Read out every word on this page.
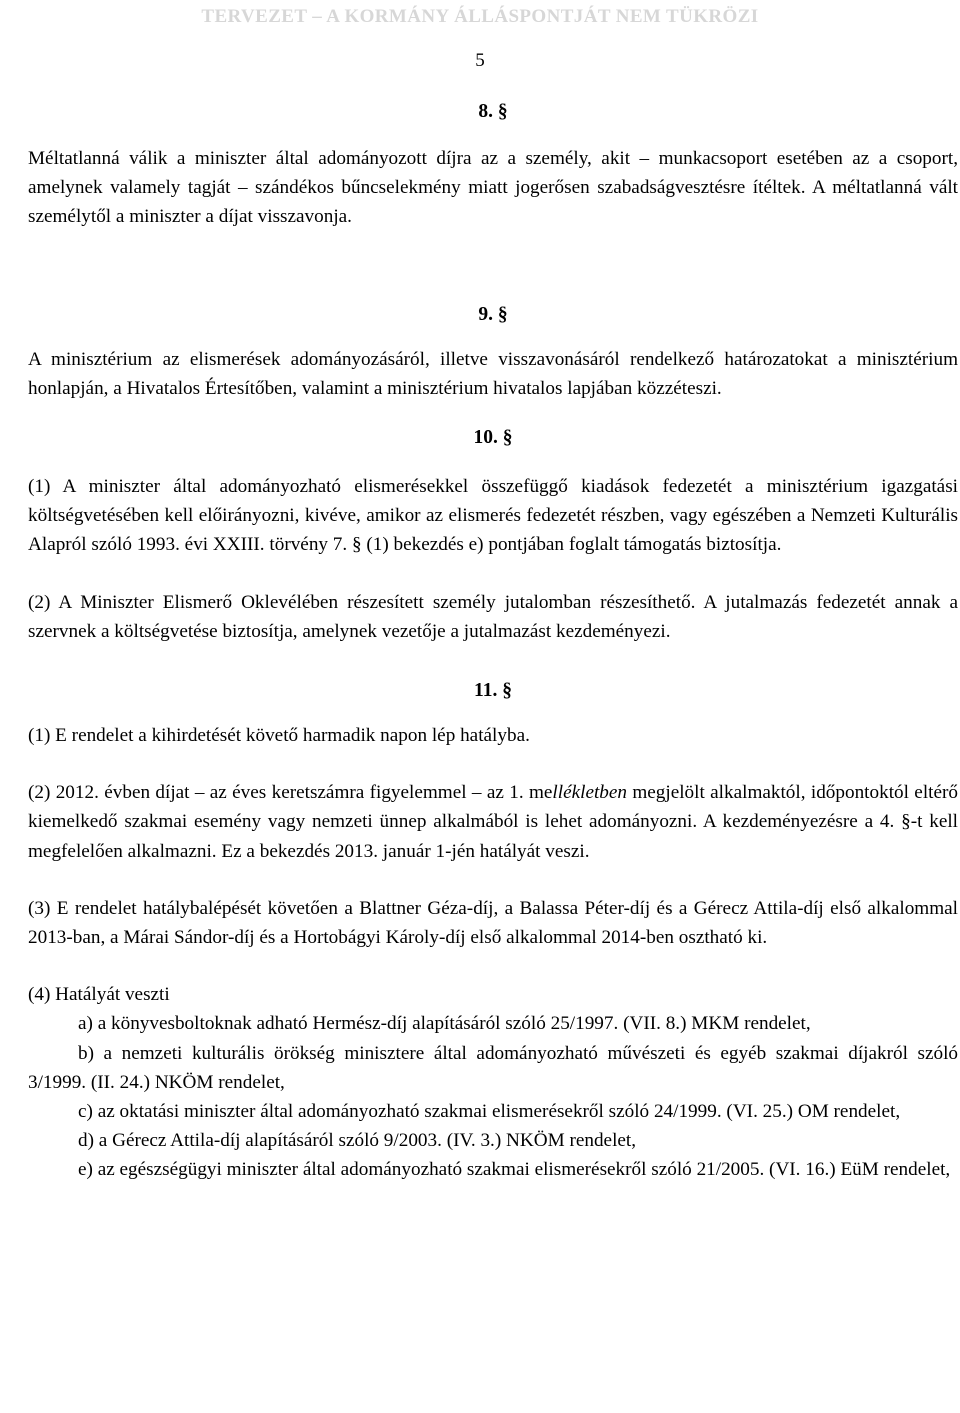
TERVEZET – A KORMÁNY ÁLLÁSPONTJÁT NEM TÜKRÖZI
5
8. §

Méltatlanná válik a miniszter által adományozott díjra az a személy, akit – munkacsoport esetében az a csoport, amelynek valamely tagját – szándékos bűncselekmény miatt jogerősen szabadságvesztésre ítéltek. A méltatlanná vált személytől a miniszter a díjat visszavonja.

9. §

A minisztérium az elismerések adományozásáról, illetve visszavonásáról rendelkező határozatokat a minisztérium honlapján, a Hivatalos Értesítőben, valamint a minisztérium hivatalos lapjában közzéteszi.

10. §

(1) A miniszter által adományozható elismerésekkel összefüggő kiadások fedezetét a minisztérium igazgatási költségvetésében kell előirányozni, kivéve, amikor az elismerés fedezetét részben, vagy egészében a Nemzeti Kulturális Alapról szóló 1993. évi XXIII. törvény 7. § (1) bekezdés e) pontjában foglalt támogatás biztosítja.

(2) A Miniszter Elismerő Oklevélében részesített személy jutalomban részesíthető. A jutalmazás fedezetét annak a szervnek a költségvetése biztosítja, amelynek vezetője a jutalmazást kezdeményezi.

11. §

(1) E rendelet a kihirdetését követő harmadik napon lép hatályba.

(2) 2012. évben díjat – az éves keretszámra figyelemmel – az 1. mellékletben megjelölt alkalmaktól, időpontoktól eltérő kiemelkedő szakmai esemény vagy nemzeti ünnep alkalmából is lehet adományozni. A kezdeményezésre a 4. §-t kell megfelelően alkalmazni. Ez a bekezdés 2013. január 1-jén hatályát veszi.

(3) E rendelet hatálybalépését követően a Blattner Géza-díj, a Balassa Péter-díj és a Gérecz Attila-díj első alkalommal 2013-ban, a Márai Sándor-díj és a Hortobágyi Károly-díj első alkalommal 2014-ben osztható ki.

(4) Hatályát veszti

a) a könyvesboltoknak adható Hermész-díj alapításáról szóló 25/1997. (VII. 8.) MKM rendelet,

b) a nemzeti kulturális örökség minisztere által adományozható művészeti és egyéb szakmai díjakról szóló 3/1999. (II. 24.) NKÖM rendelet,

c) az oktatási miniszter által adományozható szakmai elismerésekről szóló 24/1999. (VI. 25.) OM rendelet,

d) a Gérecz Attila-díj alapításáról szóló 9/2003. (IV. 3.) NKÖM rendelet,

e) az egészségügyi miniszter által adományozható szakmai elismerésekről szóló 21/2005. (VI. 16.) EüM rendelet,
